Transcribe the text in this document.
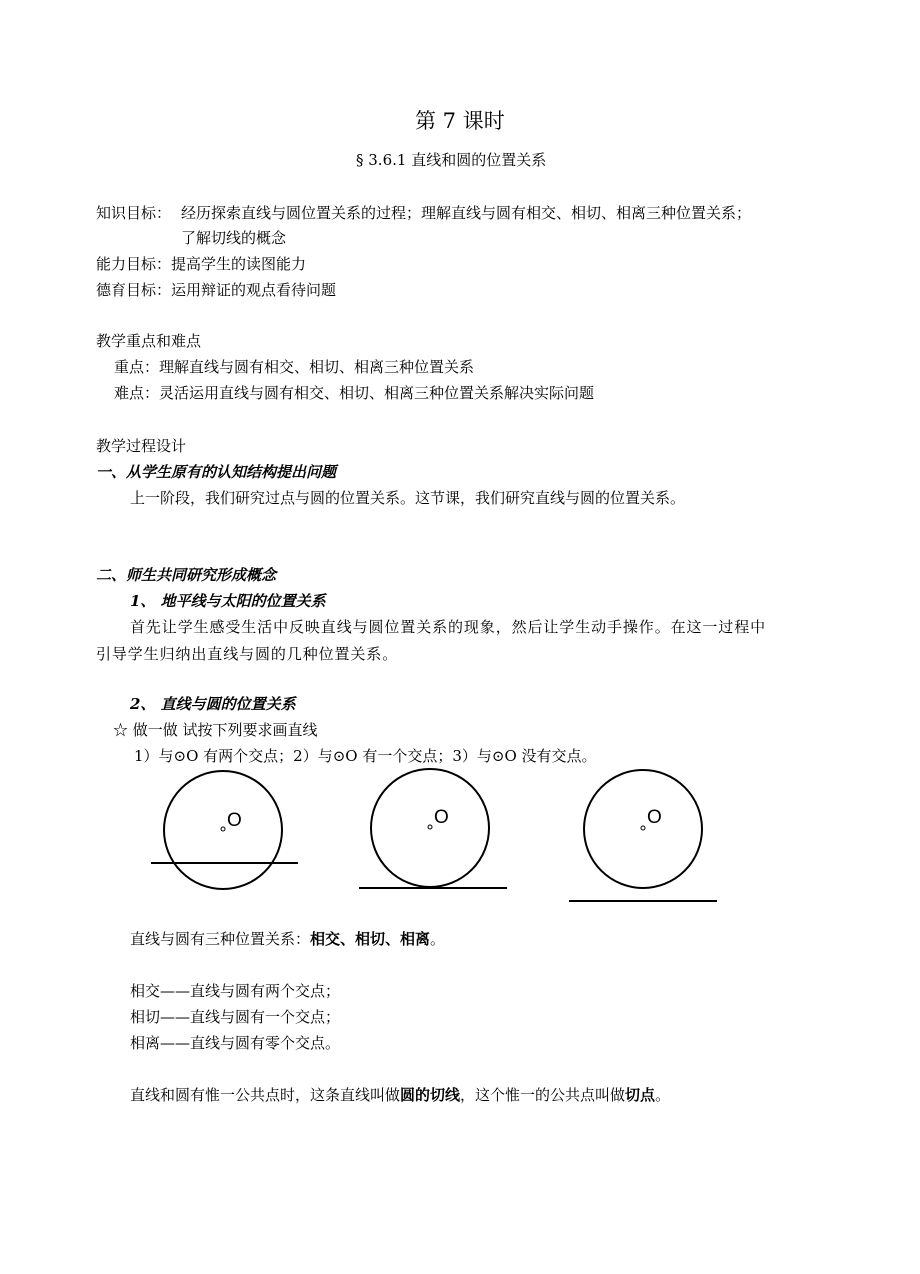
第 7 课时
§ 3.6.1 直线和圆的位置关系
知识目标： 经历探索直线与圆位置关系的过程；理解直线与圆有相交、相切、相离三种位置关系；
了解切线的概念
能力目标：提高学生的读图能力
德育目标：运用辩证的观点看待问题
教学重点和难点
重点：理解直线与圆有相交、相切、相离三种位置关系
难点：灵活运用直线与圆有相交、相切、相离三种位置关系解决实际问题
教学过程设计
一、从学生原有的认知结构提出问题
上一阶段，我们研究过点与圆的位置关系。这节课，我们研究直线与圆的位置关系。
二、师生共同研究形成概念
1、 地平线与太阳的位置关系
首先让学生感受生活中反映直线与圆位置关系的现象，然后让学生动手操作。在这一过程中
引导学生归纳出直线与圆的几种位置关系。
2、 直线与圆的位置关系
☆ 做一做 试按下列要求画直线
1）与⊙O 有两个交点；2）与⊙O 有一个交点；3）与⊙O 没有交点。
O	O	O
直线与圆有三种位置关系：相交、相切、相离。
相交——直线与圆有两个交点；
相切——直线与圆有一个交点；
相离——直线与圆有零个交点。
直线和圆有惟一公共点时，这条直线叫做圆的切线，这个惟一的公共点叫做切点。
